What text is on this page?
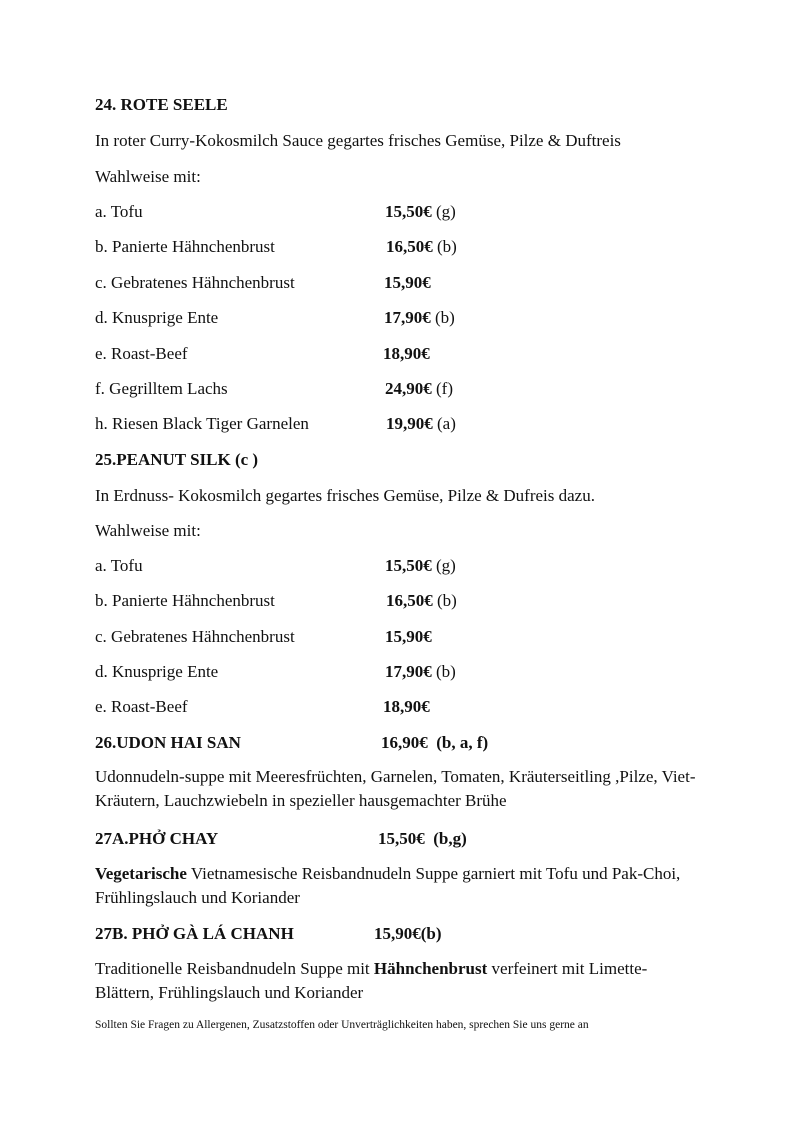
24. ROTE SEELE
In roter Curry-Kokosmilch Sauce gegartes frisches Gemüse, Pilze & Duftreis
Wahlweise mit:
a. Tofu	15,50€ (g)
b. Panierte Hähnchenbrust	16,50€ (b)
c. Gebratenes Hähnchenbrust	15,90€
d. Knusprige Ente	17,90€ (b)
e. Roast-Beef	18,90€
f. Gegrilltem Lachs	24,90€ (f)
h. Riesen Black Tiger Garnelen	19,90€ (a)
25.PEANUT SILK (c )
In Erdnuss- Kokosmilch gegartes frisches Gemüse, Pilze & Dufreis dazu.
Wahlweise mit:
a. Tofu	15,50€ (g)
b. Panierte Hähnchenbrust	16,50€ (b)
c. Gebratenes Hähnchenbrust	15,90€
d. Knusprige Ente	17,90€ (b)
e. Roast-Beef	18,90€
26.UDON HAI SAN	16,90€  (b, a, f)
Udonnudeln-suppe mit Meeresfrüchten, Garnelen, Tomaten, Kräuterseitling ,Pilze, Viet-Kräutern, Lauchzwiebeln in spezieller hausgemachter Brühe
27A.PHỞ CHAY	15,50€  (b,g)
Vegetarische Vietnamesische Reisbandnudeln Suppe garniert mit Tofu und Pak-Choi, Frühlingslauch und Koriander
27B. PHỞ GÀ LÁ CHANH	15,90€(b)
Traditionelle Reisbandnudeln Suppe mit Hähnchenbrust verfeinert mit Limette-Blättern, Frühlingslauch und Koriander
Sollten Sie Fragen zu Allergenen, Zusatzstoffen oder Unverträglichkeiten haben, sprechen Sie uns gerne an
